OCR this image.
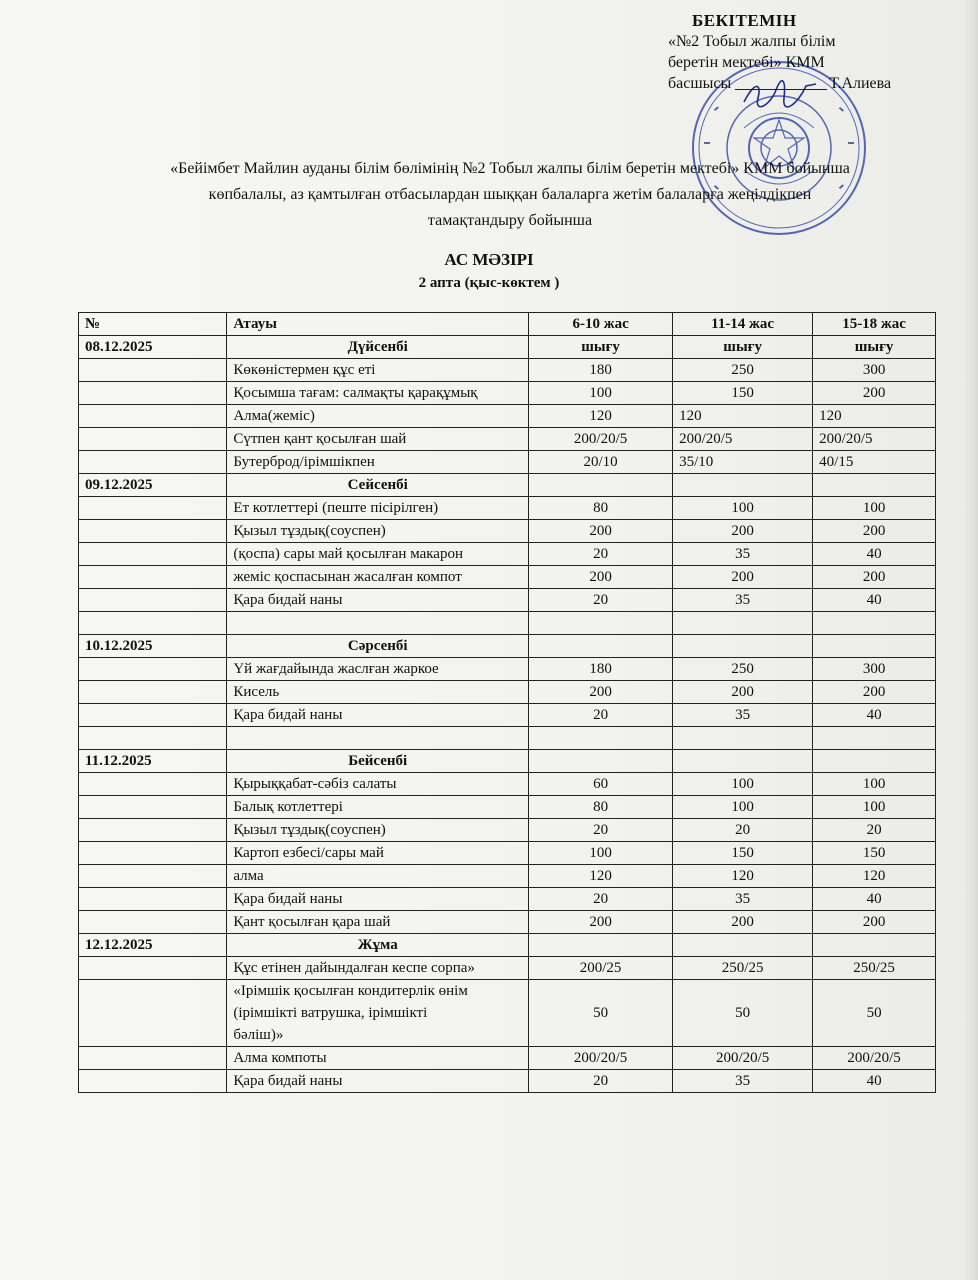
БЕКІТЕМІН
«№2 Тобыл жалпы білім
беретін мектебі» КММ
басшысы	Т.Алиева
«Бейімбет Майлин ауданы білім бөлімінің №2 Тобыл жалпы білім беретін мектебі» КММ бойынша
көпбалалы, аз қамтылған отбасылардан шыққан балаларга жетім балаларға жеңілдікпен
тамақтандыру бойынша
АС МӘЗІРІ
2 апта (қыс-көктем )
№	Атауы	6-10 жас	11-14 жас	15-18 жас
08.12.2025	Дүйсенбі	шығу	шығу	шығу
	Көкөністермен құс еті	180	250	300
	Қосымша тағам: салмақты қарақұмық	100	150	200
	Алма(жеміс)	120	120	120
	Сүтпен қант қосылған шай	200/20/5	200/20/5	200/20/5
	Бутерброд/ірімшікпен	20/10	35/10	40/15
09.12.2025	Сейсенбі			
	Ет котлеттері (пеште пісірілген)	80	100	100
	Қызыл тұздық(соуспен)	200	200	200
	(қоспа) сары май қосылған макарон	20	35	40
	жеміс қоспасынан жасалған компот	200	200	200
	Қара бидай наны	20	35	40

10.12.2025	Сәрсенбі			
	Үй жағдайында жаслған жаркое	180	250	300
	Кисель	200	200	200
	Қара бидай наны	20	35	40

11.12.2025	Бейсенбі			
	Қырыққабат-сәбіз салаты	60	100	100
	Балық котлеттері	80	100	100
	Қызыл тұздық(соуспен)	20	20	20
	Картоп езбесі/сары май	100	150	150
	алма	120	120	120
	Қара бидай наны	20	35	40
	Қант қосылған қара шай	200	200	200
12.12.2025	Жұма			
	Құс етінен дайындалған кеспе сорпа»	200/25	250/25	250/25

	«Ірімшік қосылған кондитерлік өнім
(ірімшікті ватрушка, ірімшікті
бәліш)»	50	50	50
	Алма компоты	200/20/5	200/20/5	200/20/5
	Қара бидай наны	20	35	40
